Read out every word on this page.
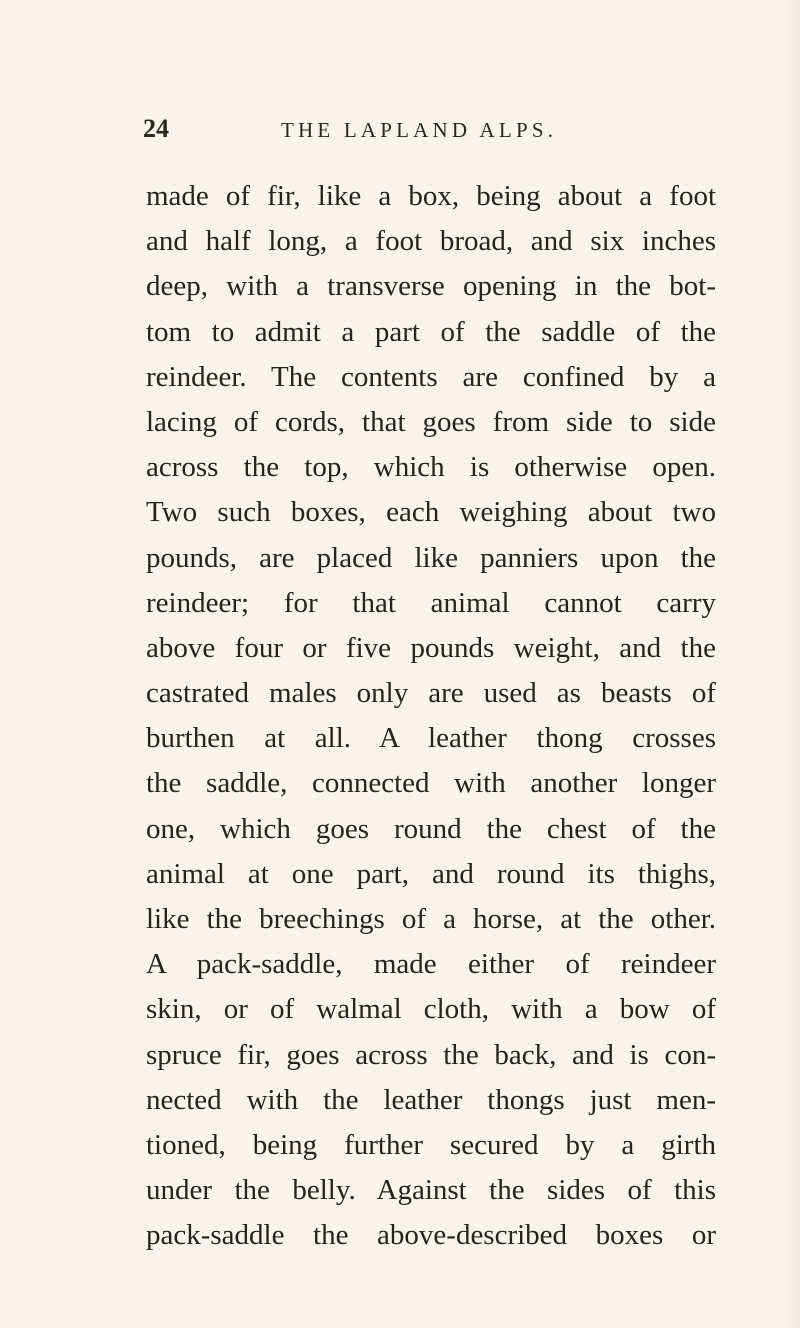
24	THE LAPLAND ALPS.
made of fir, like a box, being about a foot
and half long, a foot broad, and six inches
deep, with a transverse opening in the bot-
tom to admit a part of the saddle of the
reindeer. The contents are confined by a
lacing of cords, that goes from side to side
across the top, which is otherwise open.
Two such boxes, each weighing about two
pounds, are placed like panniers upon the
reindeer; for that animal cannot carry
above four or five pounds weight, and the
castrated males only are used as beasts of
burthen at all. A leather thong crosses
the saddle, connected with another longer
one, which goes round the chest of the
animal at one part, and round its thighs,
like the breechings of a horse, at the other.
A pack-saddle, made either of reindeer
skin, or of walmal cloth, with a bow of
spruce fir, goes across the back, and is con-
nected with the leather thongs just men-
tioned, being further secured by a girth
under the belly. Against the sides of this
pack-saddle the above-described boxes or
